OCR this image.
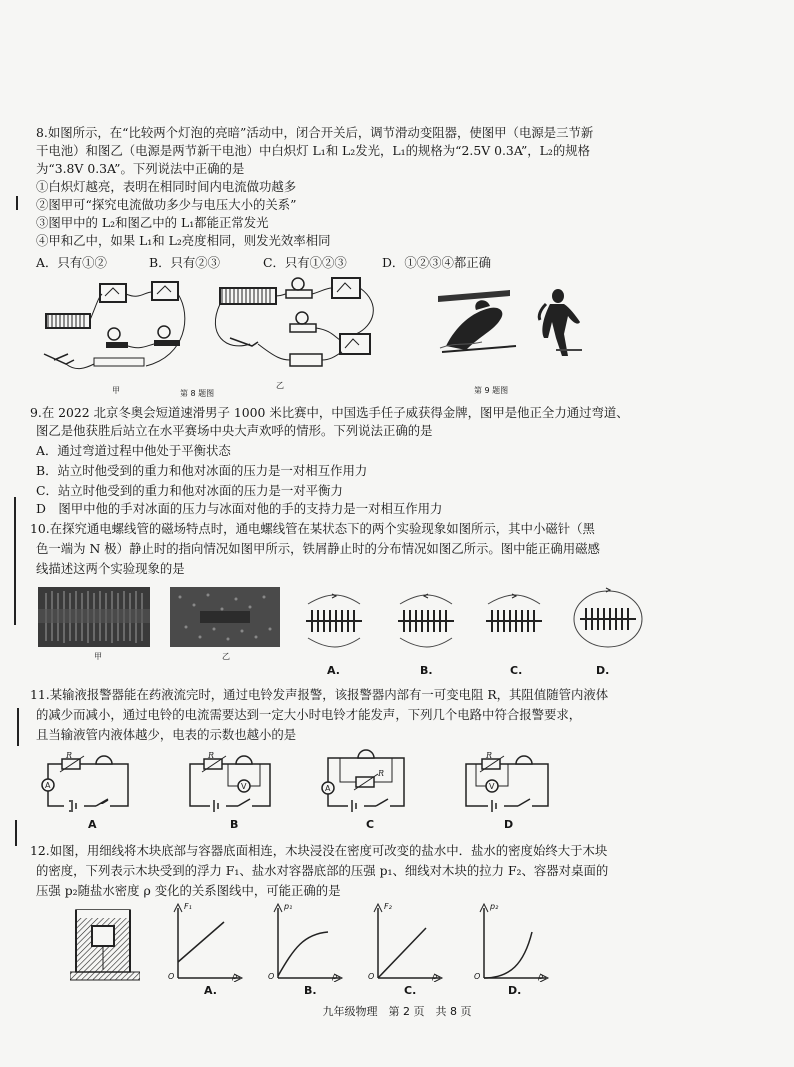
8.如图所示，在“比较两个灯泡的亮暗”活动中，闭合开关后，调节滑动变阻器，使图甲（电源是三节新
干电池）和图乙（电源是两节新干电池）中白炽灯 L₁和 L₂发光，L₁的规格为“2.5V 0.3A”，L₂的规格
为“3.8V 0.3A”。下列说法中正确的是
①白炽灯越亮，表明在相同时间内电流做功越多
②图甲可“探究电流做功多少与电压大小的关系”
③图甲中的 L₂和图乙中的 L₁都能正常发光
④甲和乙中，如果 L₁和 L₂亮度相同，则发光效率相同
A．只有①②	B．只有②③	C．只有①②③	D．①②③④都正确
甲
乙
第 8 题图	第 9 题图
9.在 2022 北京冬奥会短道速滑男子 1000 米比赛中，中国选手任子威获得金牌，图甲是他正全力通过弯道、
图乙是他获胜后站立在水平赛场中央大声欢呼的情形。下列说法正确的是
A．通过弯道过程中他处于平衡状态
B．站立时他受到的重力和他对冰面的压力是一对相互作用力
C．站立时他受到的重力和他对冰面的压力是一对平衡力
D　图甲中他的手对冰面的压力与冰面对他的手的支持力是一对相互作用力
10.在探究通电螺线管的磁场特点时，通电螺线管在某状态下的两个实验现象如图所示，其中小磁针（黑
色一端为 N 极）静止时的指向情况如图甲所示，铁屑静止时的分布情况如图乙所示。图中能正确用磁感
线描述这两个实验现象的是
甲	乙
A.	B.	C.	D.
11.某输液报警器能在药液流完时，通过电铃发声报警，该报警器内部有一可变电阻 R，其阻值随管内液体
的减少而减小，通过电铃的电流需要达到一定大小时电铃才能发声，下列几个电路中符合报警要求，
且当输液管内液体越少，电表的示数也越小的是
R
A
A
R
V
B
R
A
C
R
V
D
12.如图，用细线将木块底部与容器底面相连，木块浸没在密度可改变的盐水中．盐水的密度始终大于木块
的密度，下列表示木块受到的浮力 F₁、盐水对容器底部的压强 p₁、细线对木块的拉力 F₂、容器对桌面的
压强 p₂随盐水密度 ρ 变化的关系图线中，可能正确的是
F₁
O	ρ
A.
p₁
O	ρ
B.
F₂
O	ρ
C.
p₂
O	ρ
D.
九年级物理　第 2 页　共 8 页
